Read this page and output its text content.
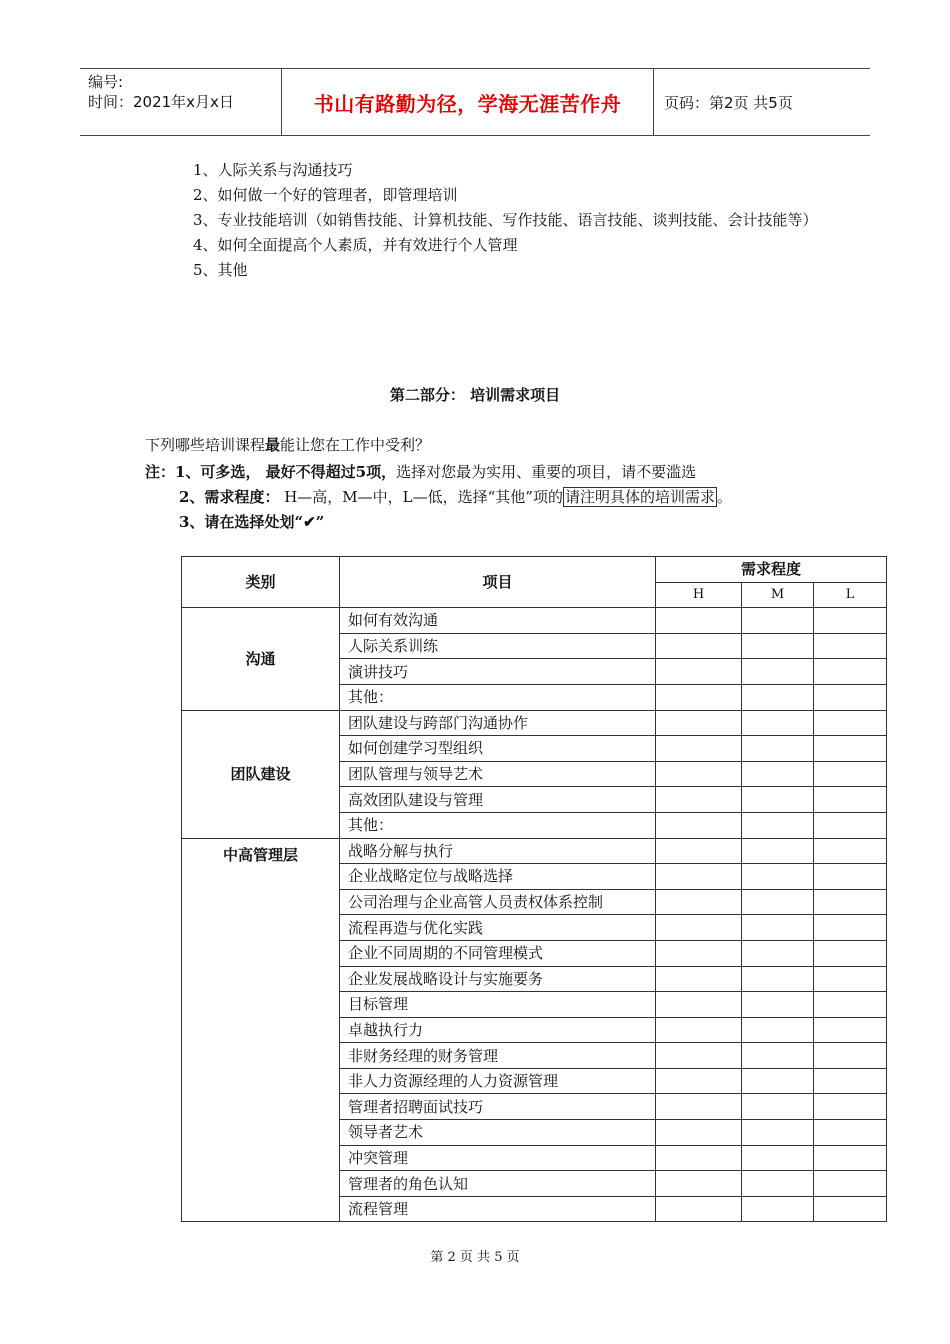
编号:
时间：2021年x月x日	书山有路勤为径，学海无涯苦作舟	页码：第2页 共5页
1、人际关系与沟通技巧
2、如何做一个好的管理者，即管理培训
3、专业技能培训（如销售技能、计算机技能、写作技能、语言技能、谈判技能、会计技能等）
4、如何全面提高个人素质，并有效进行个人管理
5、其他
第二部分： 培训需求项目
下列哪些培训课程最能让您在工作中受利？
注：1、可多选， 最好不得超过5项，选择对您最为实用、重要的项目，请不要滥选
2、需求程度： H—高，M—中，L—低，选择“其他”项的 请注明具体的培训需求 。
3、请在选择处划“✔”
类别	项目	需求程度		
		H	M	L
沟通	如何有效沟通			
	人际关系训练			
	演讲技巧			
	其他：			
团队建设	团队建设与跨部门沟通协作			
	如何创建学习型组织			
	团队管理与领导艺术			
	高效团队建设与管理			
	其他：			
中高管理层	战略分解与执行			
	企业战略定位与战略选择			
	公司治理与企业高管人员责权体系控制			
	流程再造与优化实践			
	企业不同周期的不同管理模式			
	企业发展战略设计与实施要务			
	目标管理			
	卓越执行力			
	非财务经理的财务管理			
	非人力资源经理的人力资源管理			
	管理者招聘面试技巧			
	领导者艺术			
	冲突管理			
	管理者的角色认知			
	流程管理			
第 2 页 共 5 页
